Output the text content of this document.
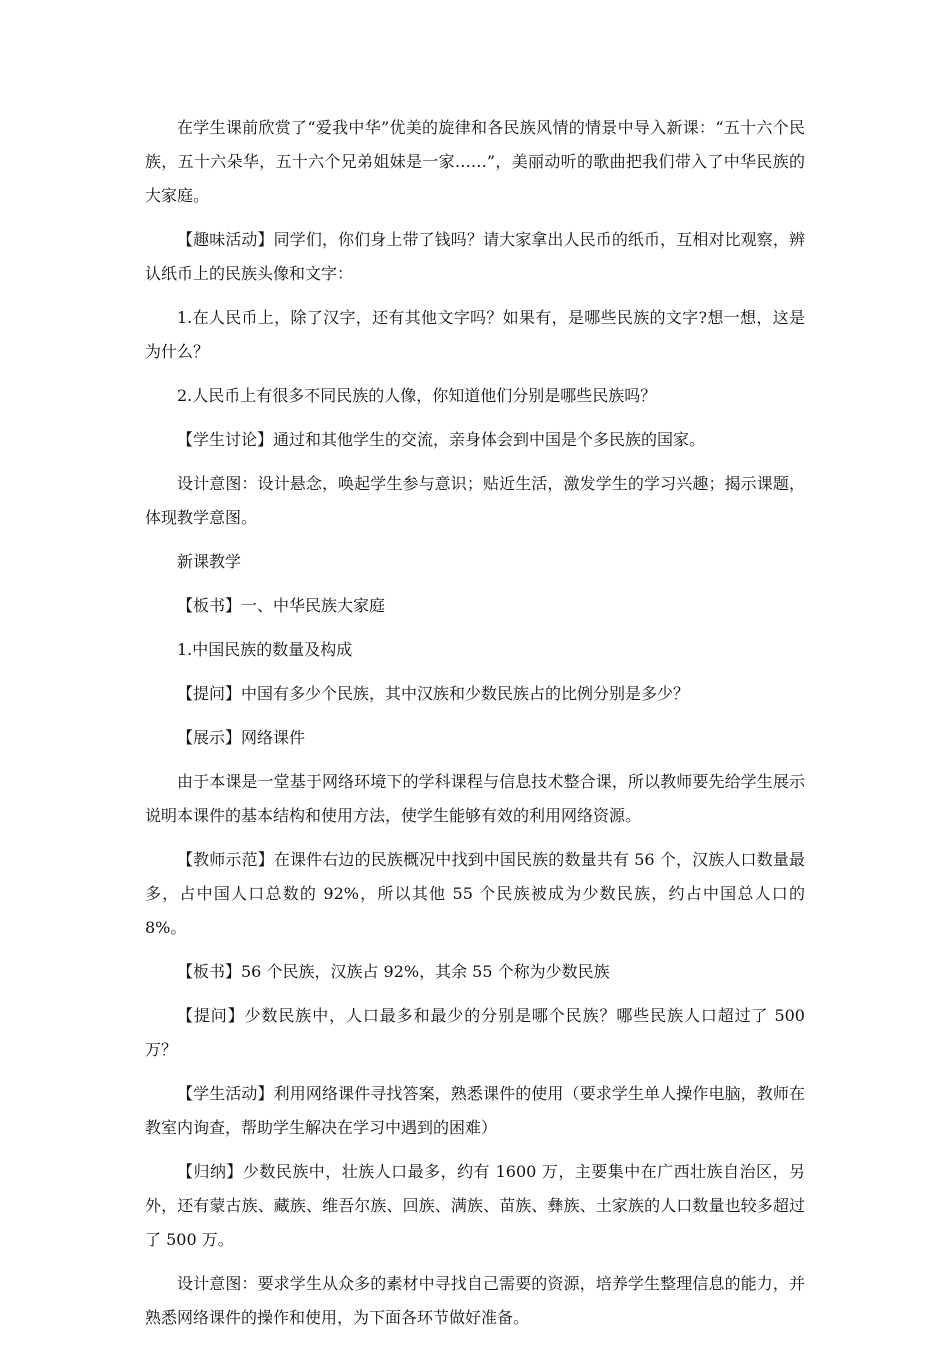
在学生课前欣赏了“爱我中华”优美的旋律和各民族风情的情景中导入新课：“五十六个民族，五十六朵华，五十六个兄弟姐妹是一家……”，美丽动听的歌曲把我们带入了中华民族的大家庭。

【趣味活动】同学们，你们身上带了钱吗？请大家拿出人民币的纸币，互相对比观察，辨认纸币上的民族头像和文字：

1.在人民币上，除了汉字，还有其他文字吗？如果有，是哪些民族的文字?想一想，这是为什么？

2.人民币上有很多不同民族的人像，你知道他们分别是哪些民族吗？

【学生讨论】通过和其他学生的交流，亲身体会到中国是个多民族的国家。

设计意图：设计悬念，唤起学生参与意识；贴近生活，激发学生的学习兴趣；揭示课题，体现教学意图。

新课教学

【板书】一、中华民族大家庭

1.中国民族的数量及构成

【提问】中国有多少个民族，其中汉族和少数民族占的比例分别是多少？

【展示】网络课件

由于本课是一堂基于网络环境下的学科课程与信息技术整合课，所以教师要先给学生展示说明本课件的基本结构和使用方法，使学生能够有效的利用网络资源。

【教师示范】在课件右边的民族概况中找到中国民族的数量共有 56 个，汉族人口数量最多，占中国人口总数的 92%，所以其他 55 个民族被成为少数民族，约占中国总人口的 8%。

【板书】56 个民族，汉族占 92%，其余 55 个称为少数民族

【提问】少数民族中，人口最多和最少的分别是哪个民族？哪些民族人口超过了 500 万？

【学生活动】利用网络课件寻找答案，熟悉课件的使用（要求学生单人操作电脑，教师在教室内询查，帮助学生解决在学习中遇到的困难）

【归纳】少数民族中，壮族人口最多，约有 1600 万，主要集中在广西壮族自治区，另外，还有蒙古族、藏族、维吾尔族、回族、满族、苗族、彝族、土家族的人口数量也较多超过了 500 万。

设计意图：要求学生从众多的素材中寻找自己需要的资源，培养学生整理信息的能力，并熟悉网络课件的操作和使用，为下面各环节做好准备。
